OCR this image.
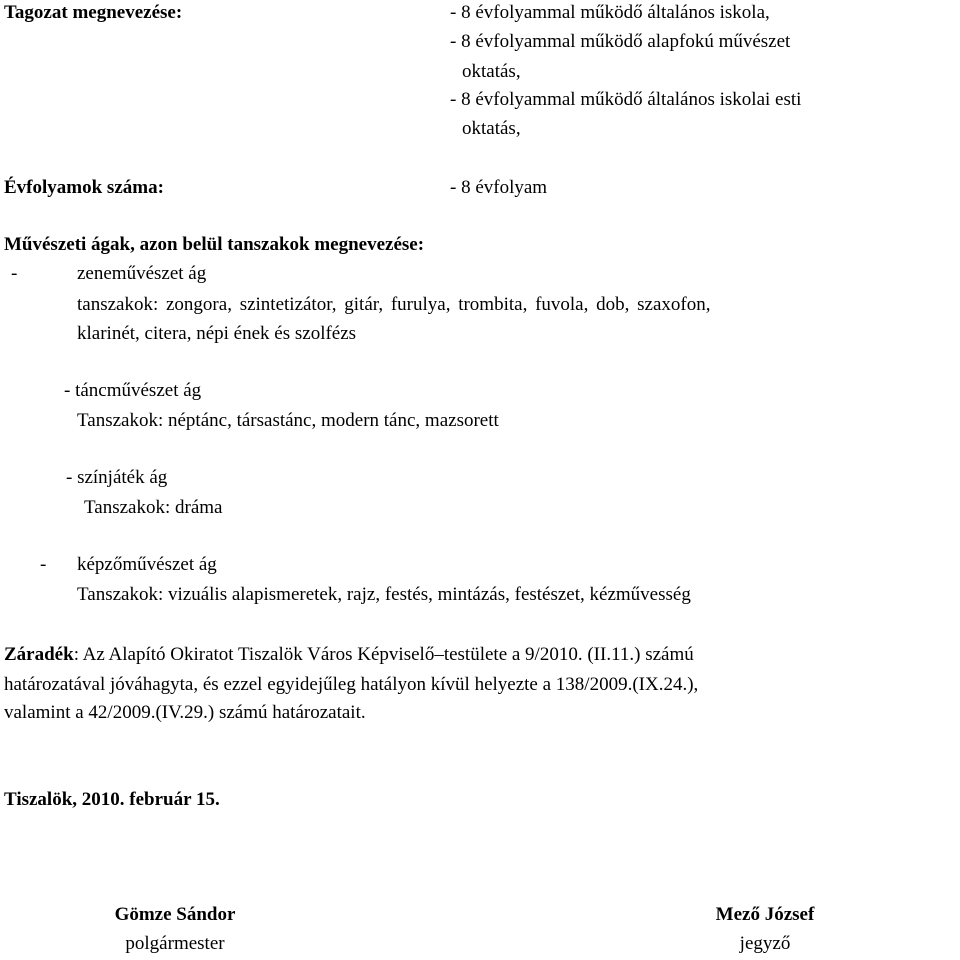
Tagozat megnevezése:	- 8 évfolyammal működő általános iskola,
- 8 évfolyammal működő alapfokú művészet
oktatás,
- 8 évfolyammal működő általános iskolai esti
oktatás,
Évfolyamok száma:	- 8 évfolyam
Művészeti ágak, azon belül tanszakok megnevezése:
-	zeneművészet ág
tanszakok: zongora, szintetizátor, gitár, furulya, trombita, fuvola, dob, szaxofon,
klarinét, citera, népi ének és szolfézs
- táncművészet ág
Tanszakok: néptánc, társastánc, modern tánc, mazsorett
- színjáték ág
Tanszakok: dráma
- képzőművészet ág
Tanszakok: vizuális alapismeretek, rajz, festés, mintázás, festészet, kézművesség
Záradék: Az Alapító Okiratot Tiszalök Város Képviselő–testülete a 9/2010. (II.11.) számú
határozatával jóváhagyta, és ezzel egyidejűleg hatályon kívül helyezte a 138/2009.(IX.24.),
valamint a 42/2009.(IV.29.) számú határozatait.
Tiszalök, 2010. február 15.
Gömze Sándor
polgármester
Mező József
jegyző
